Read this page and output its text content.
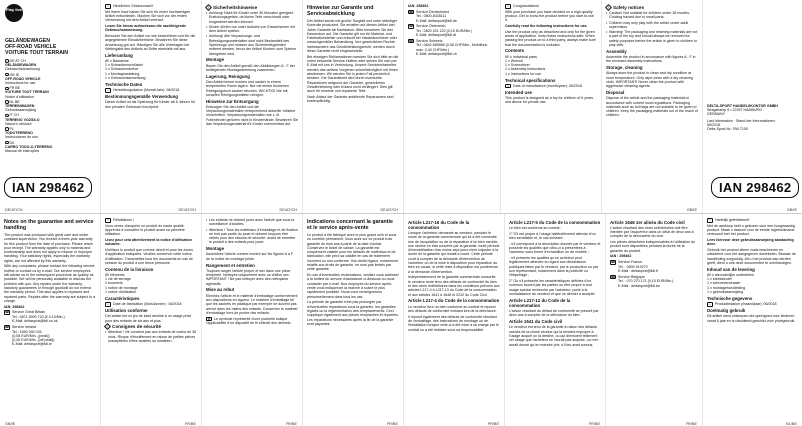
Play tive
GELÄNDEWAGEN
OFF-ROAD VEHICLE
VOITURE TOUT TERRAIN
DE AT CH
GELÄNDEWAGEN
Gebrauchsanweisung
GB IE
OFF-ROAD VEHICLE
Instructions for use
FR BE
VOITURE TOUT TERRAIN
Notice d'utilisation
NL BE
TERREINWAGEN
Gebruiksaanwijzing
IT CH
TERRENO VOZIDLO
Návod k obsluze
PL
TODOTERRENO
Instrucciones de uso
DK
CARRO TODO-O-TERRENO
Manual de instruções
IAN 298462
DE/AT/CH
i Herzlichen Glückwunsch!
Mit Ihrem Kauf haben Sie sich für einen hochwertigen Artikel entschieden. Machen Sie sich vor der ersten Verwendung mit dem Artikel vertraut.
Lesen Sie hierzu aufmerksam die nachfolgende Gebrauchsanweisung.
Benutzen Sie den Artikel nur wie beschrieben und für die angegebenen Einsatzbereiche. Bewahren Sie diese Anweisung gut auf. Händigen Sie alle Unterlagen bei Weitergabe des Artikels an Dritte ebenfalls mit aus.
Lieferumfang
80 x Bausteine
1 x Schraubenschlüssel
1 x Schraubendreher
1 x Montageanleitung
1 x Gebrauchsanweisung
Technische Daten
⌂ Herstellungsdatum (Monat/Jahr): 06/2018
Bestimmungsgemäße Verwendung
Dieser Artikel ist als Spielzeug für Kinder ab 6 Jahren für den privaten Gebrauch konzipiert.
DE/AT/CH
! Sicherheitshinweise
• Achtung! Nicht für Kinder unter 36 Monaten geeignet. Erstickungsgefahr, da kleine Teile verschluckt oder eingeatmet werden können!
• Kinder dürfen nur unter Aufsicht von Erwachsenen mit dem Artikel spielen.
• Achtung! Alle Verpackungs- und Befestigungsmaterialien sind nicht Bestandteil des Spielzeugs und müssen aus Sicherheitsgründen entfernt werden, bevor der Artikel Kindern zum Spielen übergeben wird.
Montage
Bauen Sie den Artikel gemäß den Abbildungen A - F der beiliegenden Montageanleitung zusammen.
Lagerung, Reinigung
Den Artikel immer trocken und sauber in einem temperierten Raum lagern. Nur mit einem trockenen Reinigungstuch sauber wischen. WICHTIG! Nie mit scharfen Reinigungsmitteln reinigen.
Hinweise zur Entsorgung
Entsorgen Sie den Artikel und die Verpackungsmaterialien entsprechend aktueller örtlicher Vorschriften. Verpackungsmaterialien wie z. B. Folienbeutel gehören nicht in Kinderhände. Bewahren Sie das Verpackungsmaterial für Kinder unerreichbar auf.
DE/AT/CH
Hinweise zur Garantie und Serviceabwicklung
Der Artikel wurde mit großer Sorgfalt und unter ständiger Kontrolle produziert. Sie erhalten auf diesen Artikel drei Jahre Garantie ab Kaufdatum. Bitte bewahren Sie den Kassenbon auf. Die Garantie gilt nur für Material- und Fabrikationsfehler und erlischt bei missbräuchlicher oder unsachgemäßer Behandlung. Ihre gesetzlichen Rechte, insbesondere das Gewährleistungsrecht, werden durch diese Garantie nicht eingeschränkt.
Bei etwaigen Reklamationen wenden Sie sich bitte an die unten bekannte Service-Hotline oder setzen Sie sich per E-Mail mit uns in Verbindung. Unsere Servicemitarbeiter werden das weitere Vorgehen schnellstmöglich mit Ihnen abstimmen. Wir werden Sie in jedem Fall persönlich beraten. Die Garantiezeit wird durch eventuelle Reparaturen aufgrund der Garantie, gesetzlichen Gewährleistung oder Kulanz nicht verlängert. Dies gilt auch für ersetzte und reparierte Teile.
Nach Ablauf der Garantie anfallende Reparaturen sind kostenpflichtig.
DE/AT/CH
IAN: 298462
☎ Service Deutschland
Tel.: 0800-5435111
E-Mail: deltasport@lidl.de
☎ Service Österreich
Tel.: 0820 201 222 (0,15 EUR/Min.)
E-Mail: deltasport@lidl.at
☎ Service Schweiz
Tel.: 0842 665566 (0,08 CHF/Min., Mobilfunk max. 0,40 CHF/Min.)
E-Mail: deltasport@lidl.ch
i Congratulations!
With your purchase you have decided on a high-quality product. Get to know the product before you start to use it.
Carefully read the following instructions for use.
Use the product only as described and only for the given areas of application. Keep these instructions safe. When passing the product on to a third party, always make sure that the documentation is included.
Contents
80 x Individual parts
1 x Wrench
1 x Screwdriver
1 x Assembly instructions
1 x Instructions for use
Technical specifications
⌂ Date of manufacture (month/year): 06/2018
Intended use
This product is designed as a toy for children of 6 years and above for private use.
! Safety notices
• Caution! Not suitable for children under 36 months. Choking hazard due to small parts.
• Children may only play with the article under adult supervision.
• Warning! The packaging and retaining materials are not a part of the toy and should always be removed for safety purposes before the article is given to children to play with.
Assembly
Assemble the product in accordance with figures A - F in the enclosed assembly instructions.
Storage, cleaning
Always store the product in clean and dry condition at room temperature. Only wipe clean with a dry cleaning cloth. IMPORTANT! Never clean the product with aggressive cleaning agents.
Disposal
Dispose of the article and the packaging materials in accordance with current local regulations. Packaging materials such as foil bags are not suitable to be given to children. Keep the packaging materials out of the reach of children.
GB/IE
DELTA-SPORT HANDELSKONTOR GMBH
Wragekamp 6 • 22397 HAMBURG
GERMANY
Last Information · Stand der Informationen:
06/2018
Delta-Sport-Nr.: SW-7150
IAN 298462
GB/IE
Notes on the guarantee and service handling
The product was produced with great care and under constant supervision. You receive a three-year warranty for this product from the date of purchase. Please retain your receipt. The warranty applies only to material and workmanship and does not apply to misuse or improper handling. Your statutory rights, especially the warranty rights, are not affected by this warranty.
With any complaints, please contact the following service hotline or contact us by e-mail. Our service employees will advise as to the subsequent procedure as quickly as possible. We will be personally available to discuss the problem with you. Any repairs under the warranty, statutory guarantees or through goodwill do not extend the warranty period. This also applies to replaced and repaired parts. Repairs after the warranty are subject to a charge.
IAN: 298462
☎ Service Great Britain
Tel.: 0871 5000 720 (£ 0.10/Min.)
E-Mail: deltasport@lidl.co.uk
☎ Service Ireland
Tel.: 1890 930 034
(0,08 EUR/Min., [peak])
(0,06 EUR/Min., [off peak])
E-Mail: deltasport@lidl.ie
GB/IE
i Félicitations !
Vous venez d'acquérir un produit de haute qualité. Apprenez à connaître le produit avant sa première utilisation.
Lisez pour cela attentivement la notice d'utilisation suivante.
N'utilisez le produit que comme décrit et pour les zones d'application indiquées. Veuillez conserver cette notice d'utilisation. Transmettez tous les documents en cas de cession du produit à une tierce personne.
Contenu de la livraison
80 éléments
1 clé de serrage
1 tournevis
1 notice de montage
1 notice d'utilisation
Caractéristiques
⌂ Date de fabrication (Mois/Année) : 06/2018
Utilisation conforme
Cet article est un jeu de loisir destiné à un usage privé pour des enfants de six ans et plus.
! Consignes de sécurité
• Attention ! Ne convient pas aux enfants de moins de 36 mois. Risque d'étouffement en raison de petites pièces susceptibles d'être avalées ou inhalées !
FR/BE
• Les enfants ne doivent jouer avec l'article que sous la surveillance d'adultes.
• Attention ! Tous les matériaux d'emballage et de fixation ne font pas partie du jouet et doivent toujours être retirés pour des raisons de sécurité, avant de remettre le produit à des enfants pour jouer.
Montage
Assemblez l'article comme montré sur les figures A à F de la notice de montage jointe.
Rangement et entretien
Toujours ranger l'article propre et sec dans une pièce tempérée. Nettoyez uniquement avec un chiffon sec. IMPORTANT ! Ne pas nettoyer avec des nettoyants agressifs.
Mise au rebut
Eliminez l'article et le matériel d'emballage conformément aux dispositions en vigueur. Le matériel d'emballage tel que les sachets en plastique par exemple ne doivent pas arriver dans les mains des enfants. Conservez le matériel d'emballage hors de portée des enfants.
♻ Le symbole représenté d'une poubelle indique l'applicabilité d'un dispositif de tri sélectif des déchets.
FR/BE
Indications concernant la garantie et le service après-vente
Le produit a été fabriqué avec le plus grand soin et sous un contrôle permanent. Vous avez sur ce produit trois garantie de trois ans à partir de la date d'achat. Conservez le ticket de caisse. La garantie est uniquement valable pour les défauts de matériaux et de fabrication, elle perd sa validité en cas de traitement incorrect ou non conforme. Vos droits légaux, notamment relatifs aux droits de garantie, ne sont pas limités par cette garantie.
En cas d'éventuelles réclamations, veuillez vous adresser à la hotline du service d'assistance ci-dessous ou nous contacter par e-mail. Nos employés du service après-vente vous indiqueront la marche à suivre le plus rapidement possible. Nous vous renseignerons personnellement dans tous les cas.
La période de garantie n'est pas prolongée par d'éventuelles réparations sous la garantie, les garanties légales ou la réglementation des remplacements. Ceci s'applique également aux pièces remplacées et réparées. Les réparations nécessaires après la fin de la garantie sont payantes.
FR/BE
Article L217-16 du Code de la consommation
Lorsque l'acheteur demande au vendeur, pendant le cours de la garantie commerciale qui lui a été consentie lors de l'acquisition ou de la réparation d'un bien meuble, une remise en état couverte par la garantie, toute période d'immobilisation d'au moins sept jours vient s'ajouter à la durée de la garantie qui restait à courir. Cette période court à compter de la demande d'intervention de l'acheteur ou de la mise à disposition pour réparation du bien en cause, si cette mise à disposition est postérieure à la demande d'intervention.
Indépendamment de la garantie commerciale souscrite, le vendeur reste tenu des défauts de conformité du bien et des vices rédhibitoires dans les conditions prévues aux articles L217-4 à L217-13 du Code de la consommation et aux articles 1641 à 1648 et 2232 du Code Civil.
Article L217-4 du Code de la consommation
Le vendeur livre un bien conforme au contrat et répond des défauts de conformité existant lors de la délivrance.
Il répond également des défauts de conformité résultant de l'emballage, des instructions de montage ou de l'installation lorsque celle-ci a été mise à sa charge par le contrat ou a été réalisée sous sa responsabilité.
FR/BE
Article L217-5 du Code de la consommation
Le bien est conforme au contrat :
1° S'il est propre à l'usage habituellement attendu d'un bien semblable et, le cas échéant :
- s'il correspond à la description donnée par le vendeur et possède les qualités que celui-ci a présentées à l'acheteur sous forme d'échantillon ou de modèle ;
- s'il présente les qualités qu'un acheteur peut légitimement attendre eu égard aux déclarations publiques faites par le vendeur, par le producteur ou par son représentant, notamment dans la publicité ou l'étiquetage ;
2° Ou s'il présente les caractéristiques définies d'un commun accord par les parties ou être propre à tout usage spécial recherché par l'acheteur, porté à la connaissance du vendeur et que ce dernier a accepté.
Article L217-12 du Code de la consommation
L'action résultant du défaut de conformité se prescrit par deux ans à compter de la délivrance du bien.
Article 1641 du Code civil
Le vendeur est tenu de la garantie à raison des défauts cachés de la chose vendue qui la rendent impropre à l'usage auquel on la destine, ou qui diminuent tellement cet usage que l'acheteur ne l'aurait pas acquise, ou n'en aurait donné qu'un moindre prix, s'il les avait connus.
FR/BE
Article 1648 1er alinéa du Code civil
L'action résultant des vices rédhibitoires doit être intentée par l'acquéreur dans un délai de deux ans à compter de la découverte du vice.
Les pièces détachées indispensables à l'utilisation du produit sont disponibles pendant la durée de la garantie du produit.
IAN : 298462
☎ Service France
Tel. : 0800 919270
E-Mail : deltasport@lidl.fr
☎ Service Belgique
Tel. : 070 270 171 (0,15 EUR/Min.)
E-Mail : deltasport@lidl.be
FR/BE
i Hartelijk gefeliciteerd!
Met de aankoop hebt u gekozen voor een hoogwaardig product. Maak u daarom voor de eerste ingebruikname vertrouwd met het product.
Lees hiervoor deze gebruiksaanwijzing aandachtig door.
Gebruik het product alleen zoals beschreven en uitsluitend voor het aangegeven doeleinden. Bewaar de handleiding zorgvuldig. Als u het product aan derden geeft, dient u ook deze documenten te overhandigen.
Inhoud van de levering
80 x afzonderlijke onderdelen
1 x steeksleutel
1 x schroevendraaier
1 x montagehandleiding
1 x gebruiksaanwijzing
Technische gegevens
⌂ Productiedatum (maand/jaar): 06/2018
Doelmatig gebruik
Dit artikel werd ontworpen als speelgoed voor kinderen vanaf 6 jaar en is uitsluitend geschikt voor privégebruik.
NL/BE
